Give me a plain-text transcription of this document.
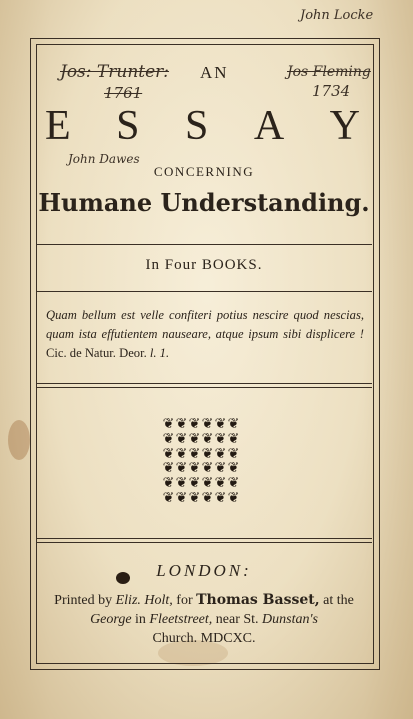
John Locke
Jos: Trunter:
1761
Jos Fleming
1734
John Dawes
AN
E S S A Y
CONCERNING
Humane Understanding.
In Four BOOKS.
Quam bellum est velle confiteri potius nescire quod nescias, quam ista effutientem nauseare, atque ipsum sibi displicere ! Cic. de Natur. Deor. l. 1.
❦ ❦ ❦ ❦ ❦ ❦
❦ ❦ ❦ ❦ ❦ ❦
❦ ❦ ❦ ❦ ❦ ❦
❦ ❦ ❦ ❦ ❦ ❦
❦ ❦ ❦ ❦ ❦ ❦
❦ ❦ ❦ ❦ ❦ ❦
LONDON:
Printed by Eliz. Holt, for Thomas Basset, at the George in Fleetstreet, near St. Dunstan's
Church. MDCXC.
